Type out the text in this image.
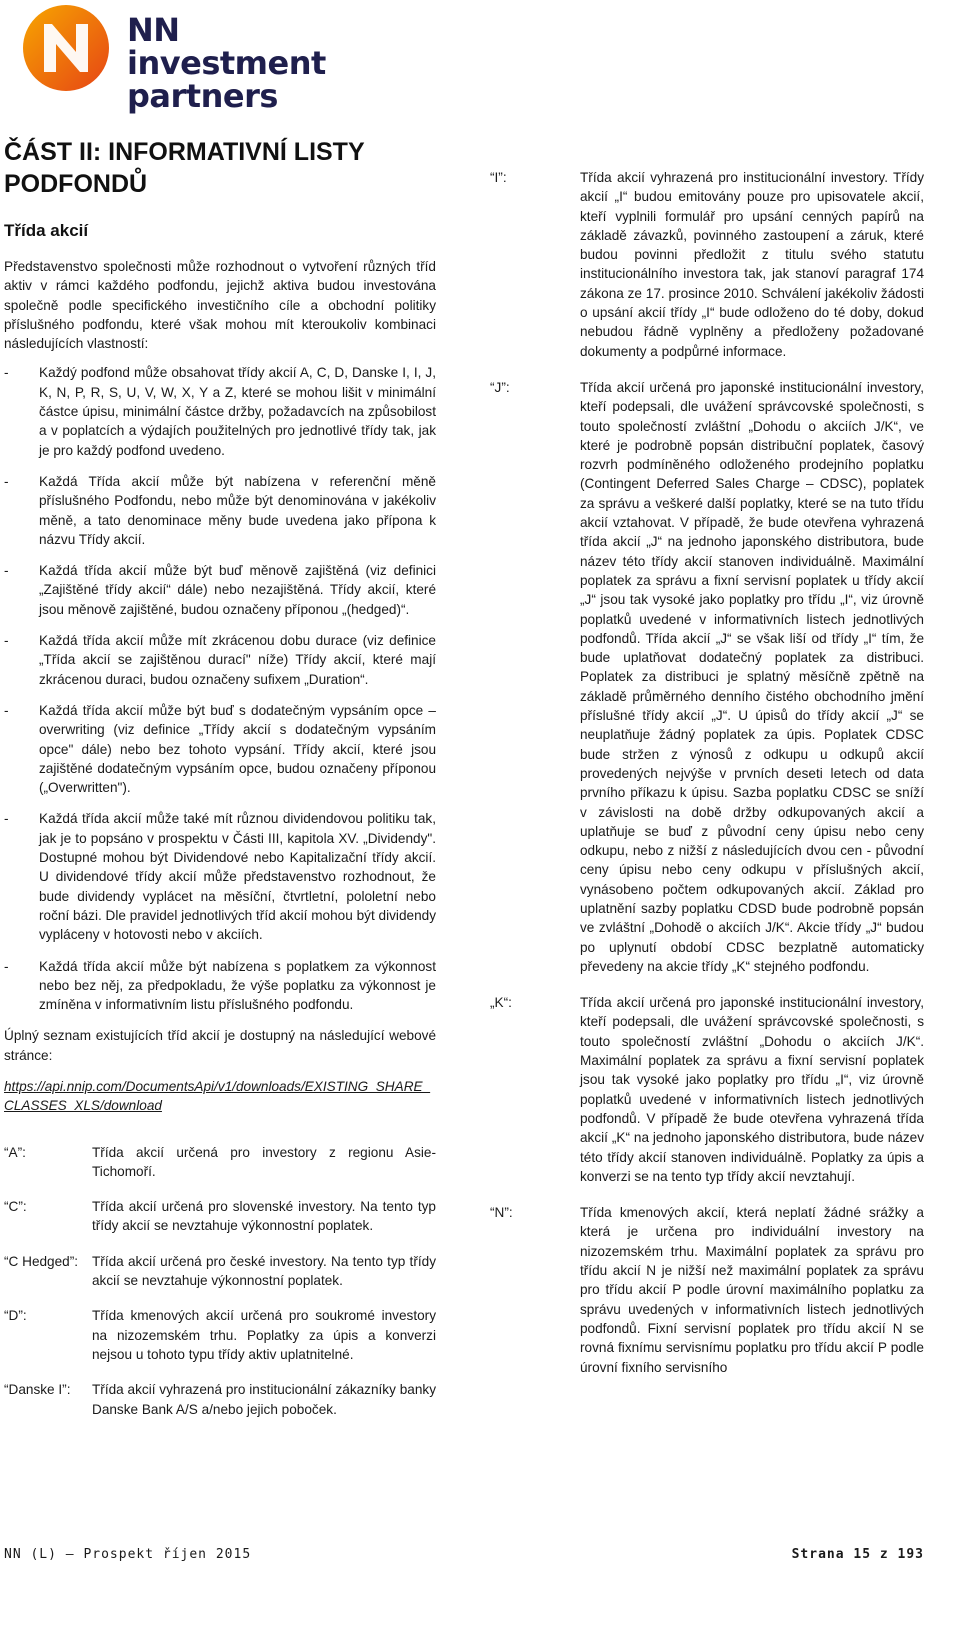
NN investment
partners
ČÁST II: INFORMATIVNÍ LISTY PODFONDŮ
Třída akcií

Představenstvo společnosti může rozhodnout o vytvoření různých tříd aktiv v rámci každého podfondu, jejichž aktiva budou investována společně podle specifického investičního cíle a obchodní politiky příslušného podfondu, které však mohou mít kteroukoliv kombinaci následujících vlastností:

-	Každý podfond může obsahovat třídy akcií A, C, D, Danske I, I, J, K, N, P, R, S, U, V, W, X, Y a Z, které se mohou lišit v minimální částce úpisu, minimální částce držby, požadavcích na způsobilost a v poplatcích a výdajích použitelných pro jednotlivé třídy tak, jak je pro každý podfond uvedeno.
-	Každá Třída akcií může být nabízena v referenční měně příslušného Podfondu, nebo může být denominována v jakékoliv měně, a tato denominace měny bude uvedena jako přípona k názvu Třídy akcií.
-	Každá třída akcií může být buď měnově zajištěná (viz definici „Zajištěné třídy akcií“ dále) nebo nezajištěná. Třídy akcií, které jsou měnově zajištěné, budou označeny příponou „(hedged)“.
-	Každá třída akcií může mít zkrácenou dobu durace (viz definice „Třída akcií se zajištěnou durací" níže) Třídy akcií, které mají zkrácenou duraci, budou označeny sufixem „Duration“.
-	Každá třída akcií může být buď s dodatečným vypsáním opce – overwriting (viz definice „Třídy akcií s dodatečným vypsáním opce" dále) nebo bez tohoto vypsání. Třídy akcií, které jsou zajištěné dodatečným vypsáním opce, budou označeny příponou („Overwritten").
-	Každá třída akcií může také mít různou dividendovou politiku tak, jak je to popsáno v prospektu v Části III, kapitola XV. „Dividendy". Dostupné mohou být Dividendové nebo Kapitalizační třídy akcií. U dividendové třídy akcií může představenstvo rozhodnout, že bude dividendy vyplácet na měsíční, čtvrtletní, pololetní nebo roční bázi. Dle pravidel jednotlivých tříd akcií mohou být dividendy vypláceny v hotovosti nebo v akciích.
-	Každá třída akcií může být nabízena s poplatkem za výkonnost nebo bez něj, za předpokladu, že výše poplatku za výkonnost je zmíněna v informativním listu příslušného podfondu.

Úplný seznam existujících tříd akcií je dostupný na následující webové stránce:

https://api.nnip.com/DocumentsApi/v1/downloads/EXISTING_SHARE_CLASSES_XLS/download

“A”:	Třída akcií určená pro investory z regionu Asie-Tichomoří.
“C”:	Třída akcií určená pro slovenské investory. Na tento typ třídy akcií se nevztahuje výkonnostní poplatek.
“C Hedged”:	Třída akcií určená pro české investory. Na tento typ třídy akcií se nevztahuje výkonnostní poplatek.
“D”:	Třída kmenových akcií určená pro soukromé investory na nizozemském trhu. Poplatky za úpis a konverzi nejsou u tohoto typu třídy aktiv uplatnitelné.
“Danske I”:	Třída akcií vyhrazená pro institucionální zákazníky banky Danske Bank A/S a/nebo jejich poboček.
“I”:	Třída akcií vyhrazená pro institucionální investory. Třídy akcií „I“ budou emitovány pouze pro upisovatele akcií, kteří vyplnili formulář pro upsání cenných papírů na základě závazků, povinného zastoupení a záruk, které budou povinni předložit z titulu svého statutu institucionálního investora tak, jak stanoví paragraf 174 zákona ze 17. prosince 2010. Schválení jakékoliv žádosti o upsání akcií třídy „I“ bude odloženo do té doby, dokud nebudou řádně vyplněny a předloženy požadované dokumenty a podpůrné informace.
“J”:	Třída akcií určená pro japonské institucionální investory, kteří podepsali, dle uvážení správcovské společnosti, s touto společností zvláštní „Dohodu o akciích J/K“, ve které je podrobně popsán distribuční poplatek, časový rozvrh podmíněného odloženého prodejního poplatku (Contingent Deferred Sales Charge – CDSC), poplatek za správu a veškeré další poplatky, které se na tuto třídu akcií vztahovat. V případě, že bude otevřena vyhrazená třída akcií „J“ na jednoho japonského distributora, bude název této třídy akcií stanoven individuálně. Maximální poplatek za správu a fixní servisní poplatek u třídy akcií „J“ jsou tak vysoké jako poplatky pro třídu „I“, viz úrovně poplatků uvedené v informativních listech jednotlivých podfondů. Třída akcií „J“ se však liší od třídy „I“ tím, že bude uplatňovat dodatečný poplatek za distribuci. Poplatek za distribuci je splatný měsíčně zpětně na základě průměrného denního čistého obchodního jmění příslušné třídy akcií „J“. U úpisů do třídy akcií „J“ se neuplatňuje žádný poplatek za úpis. Poplatek CDSC bude stržen z výnosů z odkupu u odkupů akcií provedených nejvýše v prvních deseti letech od data prvního příkazu k úpisu. Sazba poplatku CDSC se sníží v závislosti na době držby odkupovaných akcií a uplatňuje se buď z původní ceny úpisu nebo ceny odkupu, nebo z nižší z následujících dvou cen - původní ceny úpisu nebo ceny odkupu v příslušných akcií, vynásobeno počtem odkupovaných akcií. Základ pro uplatnění sazby poplatku CDSD bude podrobně popsán ve zvláštní „Dohodě o akciích J/K“. Akcie třídy „J“ budou po uplynutí období CDSC bezplatně automaticky převedeny na akcie třídy „K“ stejného podfondu.
„K“:	Třída akcií určená pro japonské institucionální investory, kteří podepsali, dle uvážení správcovské společnosti, s touto společností zvláštní „Dohodu o akciích J/K“. Maximální poplatek za správu a fixní servisní poplatek jsou tak vysoké jako poplatky pro třídu „I“, viz úrovně poplatků uvedené v informativních listech jednotlivých podfondů. V případě že bude otevřena vyhrazená třída akcií „K“ na jednoho japonského distributora, bude název této třídy akcií stanoven individuálně. Poplatky za úpis a konverzi se na tento typ třídy akcií nevztahují.
“N”:	Třída kmenových akcií, která neplatí žádné srážky a která je určena pro individuální investory na nizozemském trhu. Maximální poplatek za správu pro třídu akcií N je nižší než maximální poplatek za správu pro třídu akcií P podle úrovní maximálního poplatku za správu uvedených v informativních listech jednotlivých podfondů. Fixní servisní poplatek pro třídu akcií N se rovná fixnímu servisnímu poplatku pro třídu akcií P podle úrovní fixního servisního
NN (L) – Prospekt říjen 2015	Strana 15 z 193
